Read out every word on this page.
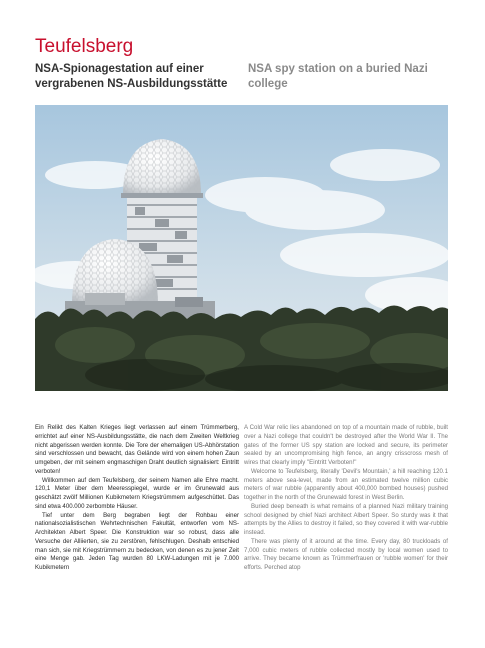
Teufelsberg
NSA-Spionagestation auf einer vergrabenen NS-Ausbildungsstätte
NSA spy station on a buried Nazi college

Ein Relikt des Kalten Krieges liegt verlassen auf einem Trümmerberg, errichtet auf einer NS-Ausbildungsstätte, die nach dem Zweiten Weltkrieg nicht abgerissen werden konnte. Die Tore der ehemaligen US-Abhörstation sind verschlossen und bewacht, das Gelände wird von einem hohen Zaun umgeben, der mit seinem engmaschigen Draht deutlich signalisiert: Eintritt verboten!

Willkommen auf dem Teufelsberg, der seinem Namen alle Ehre macht. 120,1 Meter über dem Meeresspiegel, wurde er im Grunewald aus geschätzt zwölf Millionen Kubikmetern Kriegstrümmern aufgeschüttet. Das sind etwa 400.000 zerbombte Häuser.

Tief unter dem Berg begraben liegt der Rohbau einer nationalsozialistischen Wehrtechnischen Fakultät, entworfen vom NS-Architekten Albert Speer. Die Konstruktion war so robust, dass alle Versuche der Alliierten, sie zu zerstören, fehlschlugen. Deshalb entschied man sich, sie mit Kriegstrümmern zu bedecken, von denen es zu jener Zeit eine Menge gab. Jeden Tag wurden 80 LKW-Ladungen mit je 7.000 Kubikmetern

A Cold War relic lies abandoned on top of a mountain made of rubble, built over a Nazi college that couldn't be destroyed after the World War II. The gates of the former US spy station are locked and secure, its perimeter sealed by an uncompromising high fence, an angry crisscross mesh of wires that clearly imply "Eintritt Verboten!"

Welcome to Teufelsberg, literally 'Devil's Mountain,' a hill reaching 120.1 meters above sea-level, made from an estimated twelve million cubic meters of war rubble (apparently about 400,000 bombed houses) pushed together in the north of the Grunewald forest in West Berlin.

Buried deep beneath is what remains of a planned Nazi military training school designed by chief Nazi architect Albert Speer. So sturdy was it that attempts by the Allies to destroy it failed, so they covered it with war-rubble instead.

There was plenty of it around at the time. Every day, 80 truckloads of 7,000 cubic meters of rubble collected mostly by local women used to arrive. They became known as Trümmerfrauen or 'rubble women' for their efforts. Perched atop
